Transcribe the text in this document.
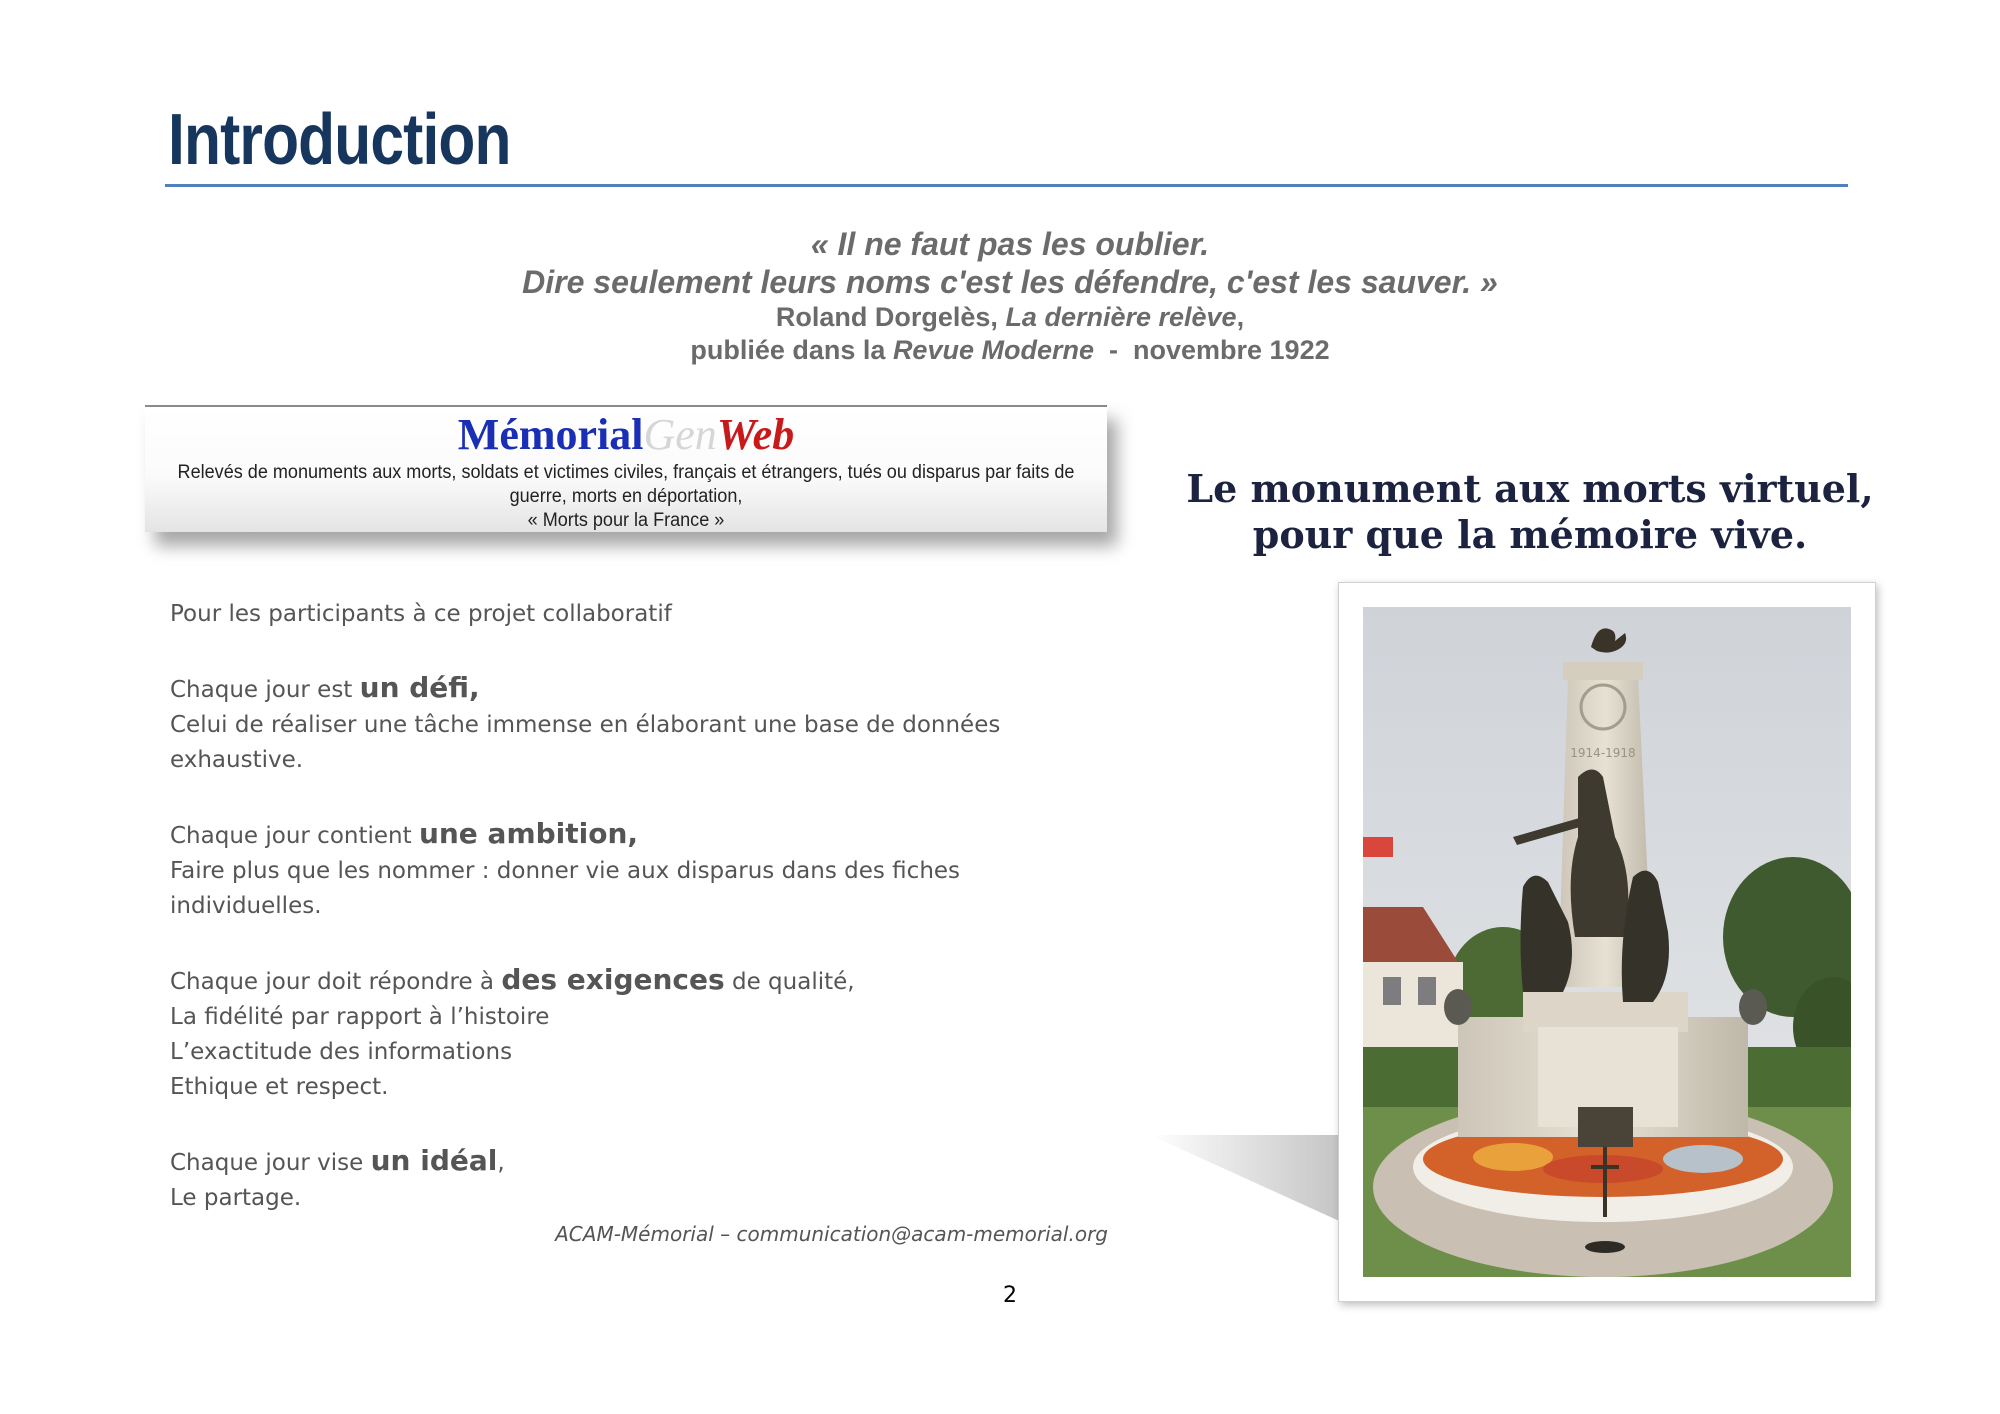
Introduction
« Il ne faut pas les oublier.
Dire seulement leurs noms c'est les défendre, c'est les sauver. »
Roland Dorgelès, La dernière relève,
publiée dans la Revue Moderne  -  novembre 1922
MémorialGenWeb
Relevés de monuments aux morts, soldats et victimes civiles, français et étrangers, tués ou disparus par faits de
guerre, morts en déportation,
« Morts pour la France »

Pour les participants à ce projet collaboratif

Chaque jour est un défi,

Celui de réaliser une tâche immense en élaborant une base de données

exhaustive.

Chaque jour contient une ambition,

Faire plus que les nommer : donner vie aux disparus dans des fiches

individuelles.

Chaque jour doit répondre à des exigences de qualité,

La fidélité par rapport à l’histoire

L’exactitude des informations

Ethique et respect.

Chaque jour vise un idéal,

Le partage.

ACAM-Mémorial – communication@acam-memorial.org
2
Le monument aux morts virtuel,
pour que la mémoire vive.
1914-1918
